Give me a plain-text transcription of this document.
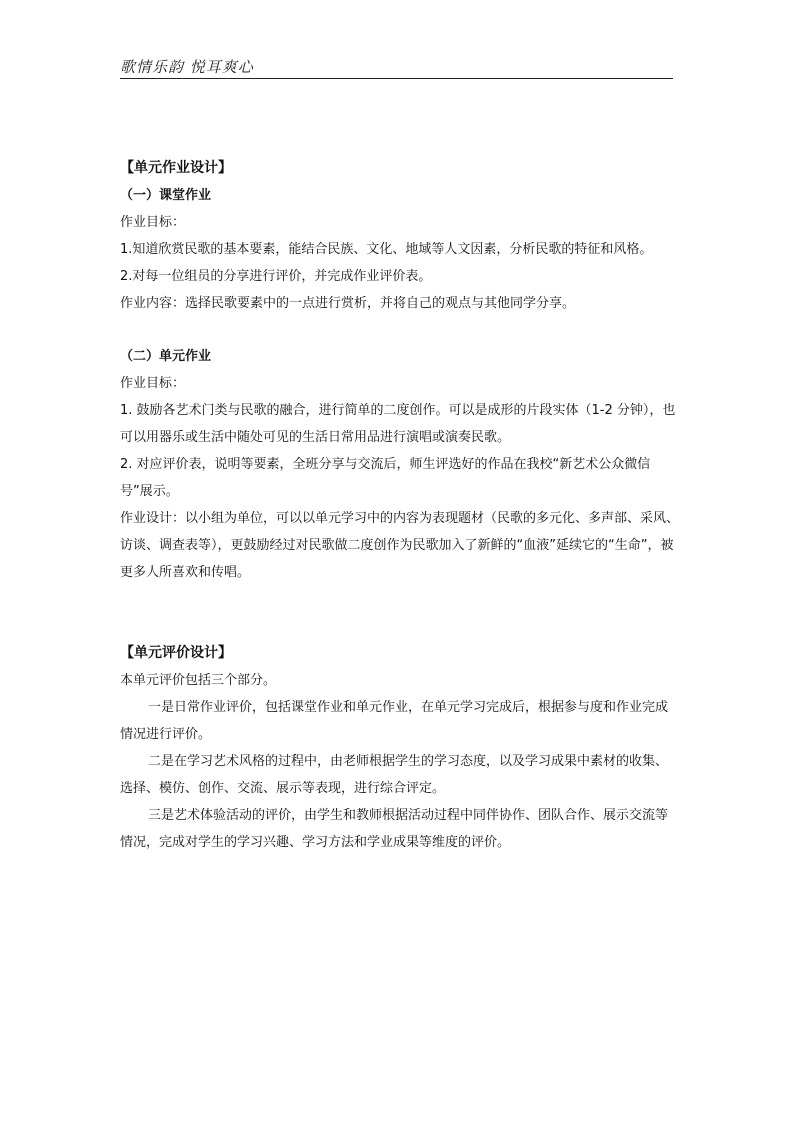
歌情乐韵 悦耳爽心

【单元作业设计】

（一）课堂作业

作业目标：

1.知道欣赏民歌的基本要素，能结合民族、文化、地域等人文因素，分析民歌的特征和风格。

2.对每一位组员的分享进行评价，并完成作业评价表。

作业内容：选择民歌要素中的一点进行赏析，并将自己的观点与其他同学分享。

（二）单元作业

作业目标：

1. 鼓励各艺术门类与民歌的融合，进行简单的二度创作。可以是成形的片段实体（1-2 分钟），也可以用器乐或生活中随处可见的生活日常用品进行演唱或演奏民歌。

2. 对应评价表，说明等要素，全班分享与交流后，师生评选好的作品在我校“新艺术公众微信号”展示。

作业设计：以小组为单位，可以以单元学习中的内容为表现题材（民歌的多元化、多声部、采风、访谈、调查表等），更鼓励经过对民歌做二度创作为民歌加入了新鲜的“血液”延续它的“生命”，被更多人所喜欢和传唱。

【单元评价设计】

本单元评价包括三个部分。

一是日常作业评价，包括课堂作业和单元作业，在单元学习完成后，根据参与度和作业完成情况进行评价。

二是在学习艺术风格的过程中，由老师根据学生的学习态度，以及学习成果中素材的收集、选择、模仿、创作、交流、展示等表现，进行综合评定。

三是艺术体验活动的评价，由学生和教师根据活动过程中同伴协作、团队合作、展示交流等情况，完成对学生的学习兴趣、学习方法和学业成果等维度的评价。
